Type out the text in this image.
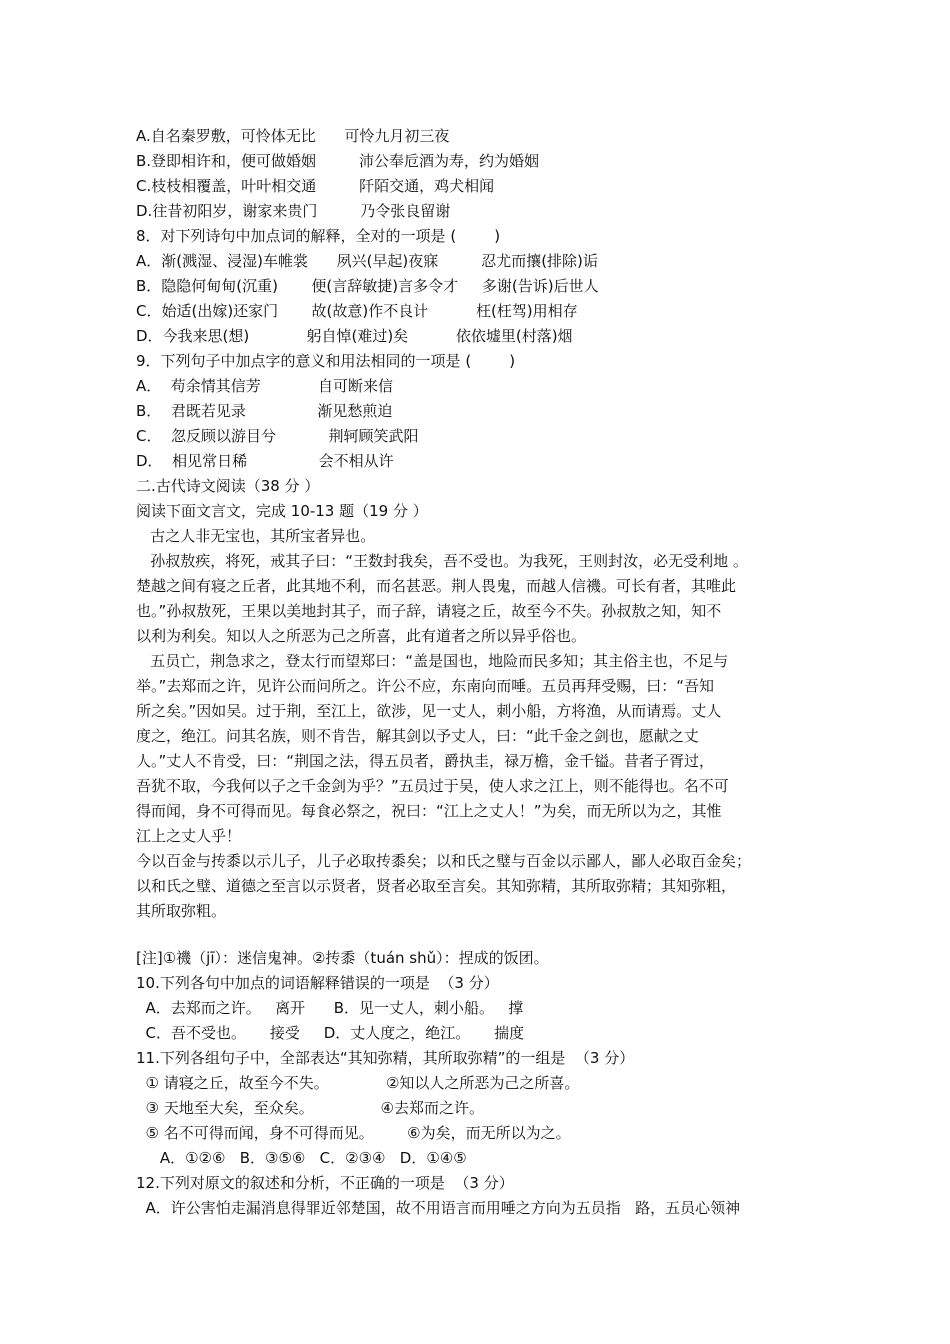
A.自名秦罗敷，可怜体无比      可怜九月初三夜
B.登即相许和，便可做婚姻         沛公奉卮酒为寿，约为婚姻
C.枝枝相覆盖，叶叶相交通         阡陌交通，鸡犬相闻
D.往昔初阳岁，谢家来贵门         乃令张良留谢
8．对下列诗句中加点词的解释，全对的一项是 (        )
A．渐(溅湿、浸湿)车帷裳      夙兴(早起)夜寐         忍尤而攘(排除)诟
B．隐隐何甸甸(沉重)       便(言辞敏捷)言多令才     多谢(告诉)后世人
C．始适(出嫁)还家门       故(故意)作不良计          枉(枉驾)用相存
D．今我来思(想)            躬自悼(难过)矣          依依墟里(村落)烟
9．下列句子中加点字的意义和用法相同的一项是 (        )
A．  苟余情其信芳            自可断来信
B．  君既若见录               渐见愁煎迫
C．  忽反顾以游目兮           荆轲顾笑武阳
D．  相见常日稀               会不相从许
二.古代诗文阅读（38 分 ）
阅读下面文言文，完成 10-13 题（19 分 ）
古之人非无宝也，其所宝者异也。
孙叔敖疾，将死，戒其子曰：“王数封我矣，吾不受也。为我死，王则封汝，必无受利地 。
楚越之间有寝之丘者，此其地不利，而名甚恶。荆人畏鬼，而越人信禨。可长有者，其唯此
也。”孙叔敖死，王果以美地封其子，而子辞，请寝之丘，故至今不失。孙叔敖之知，知不
以利为利矣。知以人之所恶为己之所喜，此有道者之所以异乎俗也。
五员亡，荆急求之，登太行而望郑曰：“盖是国也，地险而民多知；其主俗主也，不足与
举。”去郑而之许，见许公而问所之。许公不应，东南向而唾。五员再拜受赐，曰：“吾知
所之矣。”因如吴。过于荆，至江上，欲涉，见一丈人，刺小船，方将渔，从而请焉。丈人
度之，绝江。问其名族，则不肯告，解其剑以予丈人，曰：“此千金之剑也，愿献之丈
人。”丈人不肯受，曰：“荆国之法，得五员者，爵执圭，禄万檐，金千镒。昔者子胥过，
吾犹不取，今我何以子之千金剑为乎？”五员过于吴，使人求之江上，则不能得也。名不可
得而闻，身不可得而见。每食必祭之，祝曰：“江上之丈人！”为矣，而无所以为之，其惟
江上之丈人乎！
今以百金与抟黍以示儿子，儿子必取抟黍矣；以和氏之璧与百金以示鄙人，鄙人必取百金矣；
以和氏之璧、道德之至言以示贤者，贤者必取至言矣。其知弥精，其所取弥精；其知弥粗，
其所取弥粗。
[注]①禨（jī）：迷信鬼神。②抟黍（tuán shǔ）：捏成的饭团。
10.下列各句中加点的词语解释错误的一项是  （3 分）
A．去郑而之许。   离开      B．见一丈人，刺小船。   撑
C．吾不受也。     接受     D．丈人度之，绝江。     揣度
11.下列各组句子中，全部表达“其知弥精，其所取弥精”的一组是  （3 分）
① 请寝之丘，故至今不失。            ②知以人之所恶为己之所喜。
③ 天地至大矣，至众矣。              ④去郑而之许。
⑤ 名不可得而闻，身不可得而见。       ⑥为矣，而无所以为之。
A．①②⑥   B．③⑤⑥   C．②③④   D．①④⑤
12.下列对原文的叙述和分析，不正确的一项是  （3 分）
A．许公害怕走漏消息得罪近邻楚国，故不用语言而用唾之方向为五员指   路，五员心领神
